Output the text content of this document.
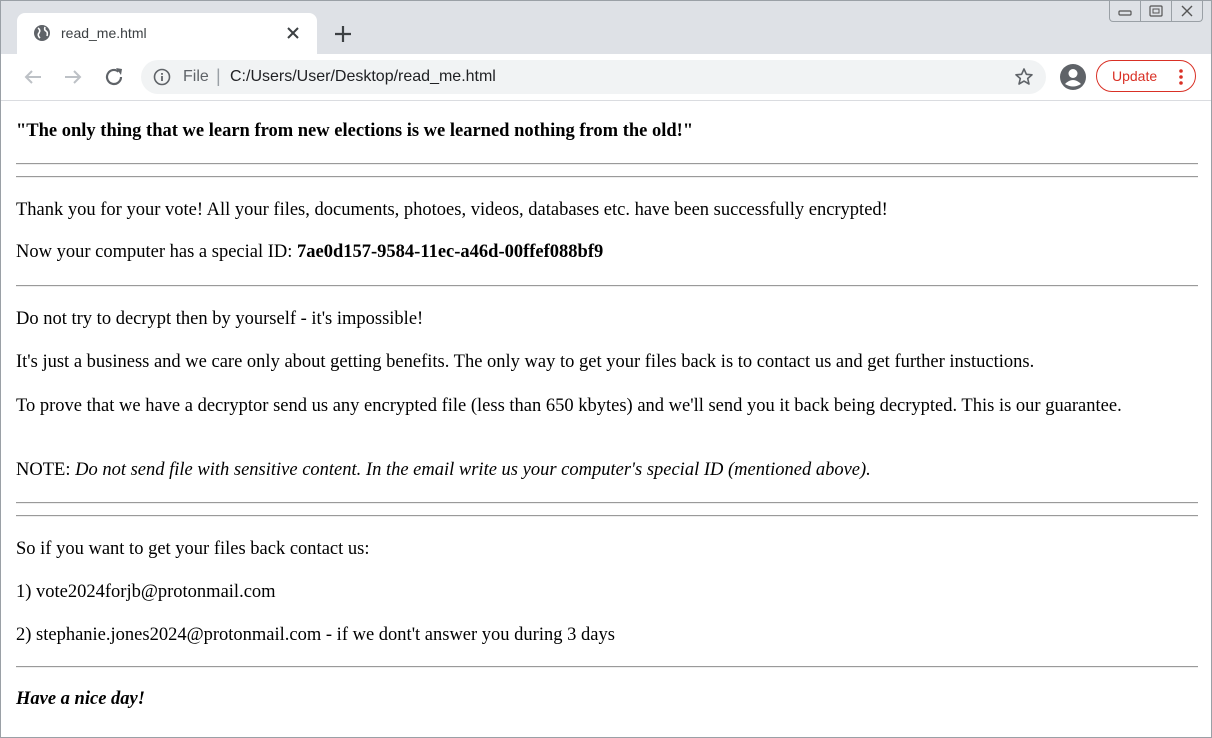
read_me.html
File | C:/Users/User/Desktop/read_me.html	Update

"The only thing that we learn from new elections is we learned nothing from the old!"

Thank you for your vote! All your files, documents, photoes, videos, databases etc. have been successfully encrypted!

Now your computer has a special ID: 7ae0d157-9584-11ec-a46d-00ffef088bf9

Do not try to decrypt then by yourself - it's impossible!

It's just a business and we care only about getting benefits. The only way to get your files back is to contact us and get further instuctions.

To prove that we have a decryptor send us any encrypted file (less than 650 kbytes) and we'll send you it back being decrypted. This is our guarantee.

NOTE: Do not send file with sensitive content. In the email write us your computer's special ID (mentioned above).

So if you want to get your files back contact us:

1) vote2024forjb@protonmail.com

2) stephanie.jones2024@protonmail.com - if we dont't answer you during 3 days

Have a nice day!
